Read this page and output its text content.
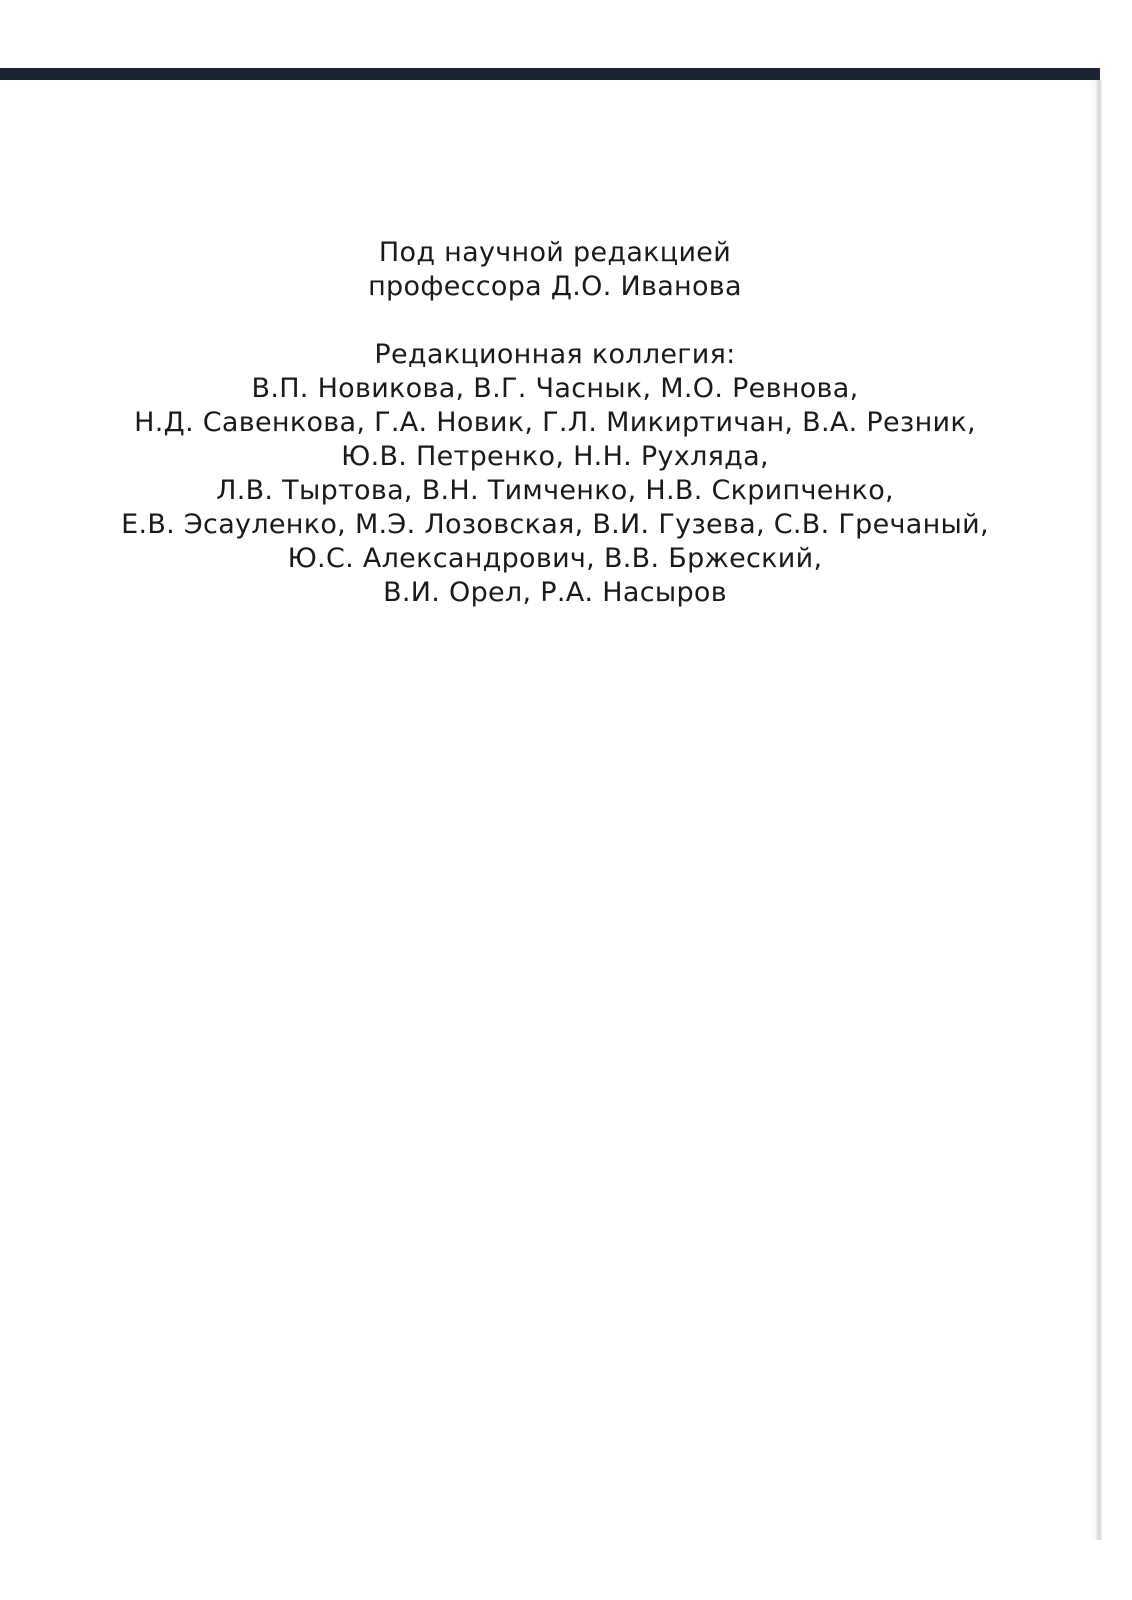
Под научной редакцией
профессора Д.О. Иванова
Редакционная коллегия:
В.П. Новикова, В.Г. Часнык, М.О. Ревнова,
Н.Д. Савенкова, Г.А. Новик, Г.Л. Микиртичан, В.А. Резник,
Ю.В. Петренко, Н.Н. Рухляда,
Л.В. Тыртова, В.Н. Тимченко, Н.В. Скрипченко,
Е.В. Эсауленко, М.Э. Лозовская, В.И. Гузева, С.В. Гречаный,
Ю.С. Александрович, В.В. Бржеский,
В.И. Орел, Р.А. Насыров
